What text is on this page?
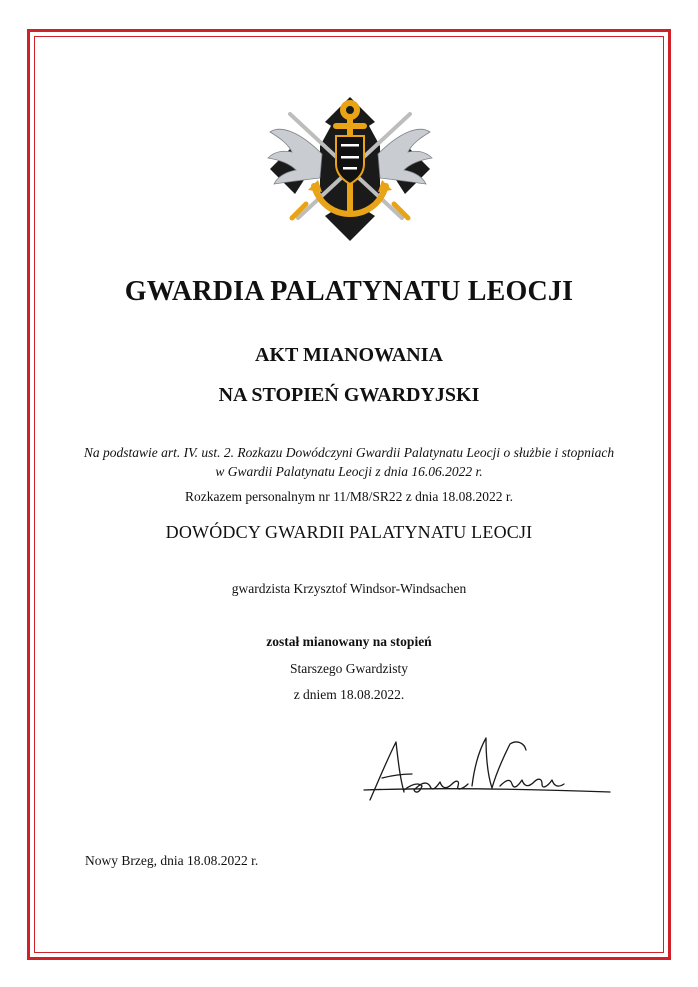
GWARDIA PALATYNATU LEOCJI
AKT MIANOWANIA
NA STOPIEŃ GWARDYJSKI
Na podstawie art. IV. ust. 2. Rozkazu Dowódczyni Gwardii Palatynatu Leocji o służbie i stopniach w Gwardii Palatynatu Leocji z dnia 16.06.2022 r.
Rozkazem personalnym nr 11/M8/SR22 z dnia 18.08.2022 r.
DOWÓDCY GWARDII PALATYNATU LEOCJI
gwardzista Krzysztof Windsor-Windsachen
został mianowany na stopień
Starszego Gwardzisty
z dniem 18.08.2022.
Nowy Brzeg, dnia 18.08.2022 r.
